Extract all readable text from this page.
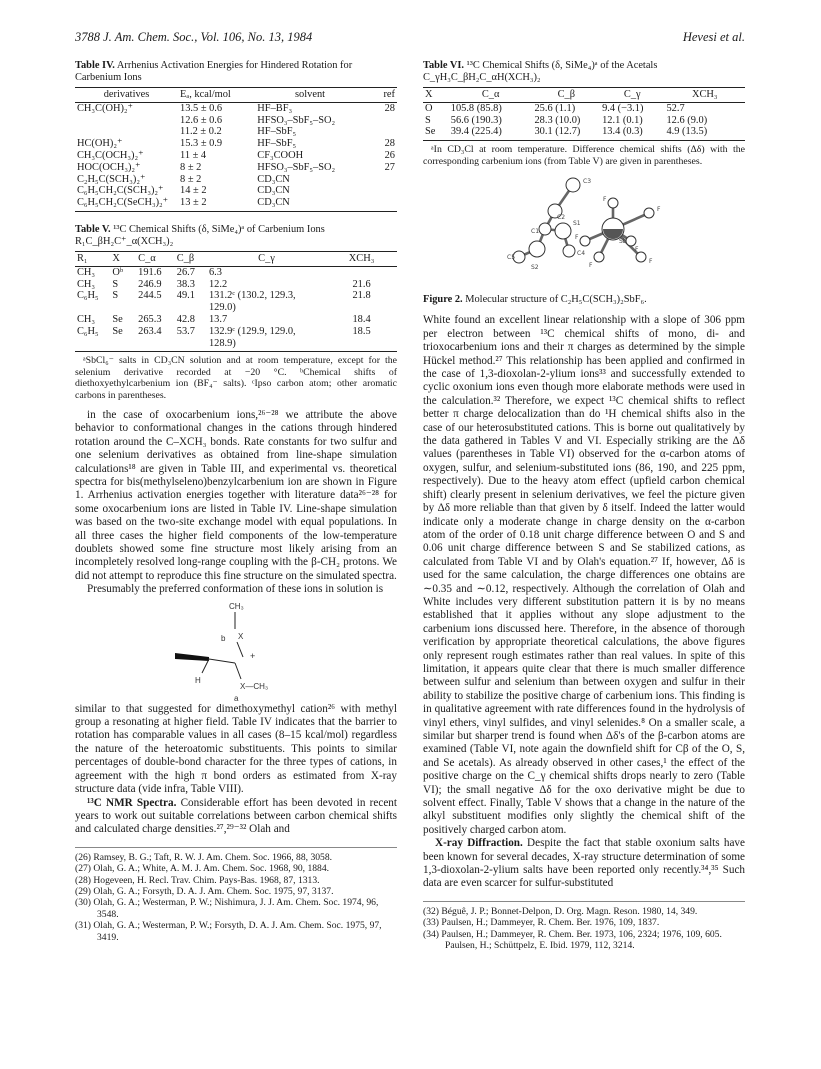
3788 J. Am. Chem. Soc., Vol. 106, No. 13, 1984	Hevesi et al.
Table IV. Arrhenius Activation Energies for Hindered Rotation for Carbenium Ions
derivatives	Eₐ, kcal/mol	solvent	ref
CH₃C(OH)₂⁺	13.5 ± 0.6	HF–BF₃	28
	12.6 ± 0.6	HFSO₃–SbF₅–SO₂	
	11.2 ± 0.2	HF–SbF₅	
HC(OH)₂⁺	15.3 ± 0.9	HF–SbF₅	28
CH₃C(OCH₃)₂⁺	11 ± 4	CF₃COOH	26
HOC(OCH₃)₂⁺	8 ± 2	HFSO₃–SbF₅–SO₂	27
C₂H₅C(SCH₃)₂⁺	8 ± 2	CD₃CN	
C₆H₅CH₂C(SCH₃)₂⁺	14 ± 2	CD₃CN	
C₆H₅CH₂C(SeCH₃)₂⁺	13 ± 2	CD₃CN	
Table V. ¹³C Chemical Shifts (δ, SiMe₄)ᵃ of Carbenium Ions R₁C_βH₂C⁺_α(XCH₃)₂
R₁	X	C_α	C_β	C_γ	XCH₃
CH₃	Oᵇ	191.6	26.7	6.3	
CH₃	S	246.9	38.3	12.2	21.6
C₆H₅	S	244.5	49.1	131.2ᶜ (130.2, 129.3, 129.0)	21.8
CH₃	Se	265.3	42.8	13.7	18.4
C₆H₅	Se	263.4	53.7	132.9ᶜ (129.9, 129.0, 128.9)	18.5
ᵃSbCl₆⁻ salts in CD₃CN solution and at room temperature, except for the selenium derivative recorded at −20 °C. ᵇChemical shifts of diethoxyethylcarbenium ion (BF₄⁻ salts). ᶜIpso carbon atom; other aromatic carbons in parentheses.

in the case of oxocarbenium ions,²⁶⁻²⁸ we attribute the above behavior to conformational changes in the cations through hindered rotation around the C–XCH₃ bonds. Rate constants for two sulfur and one selenium derivatives as obtained from line-shape simulation calculations¹⁸ are given in Table III, and experimental vs. theoretical spectra for bis(methylseleno)benzylcarbenium ion are shown in Figure 1. Arrhenius activation energies together with literature data²⁶⁻²⁸ for some oxocarbenium ions are listed in Table IV. Line-shape simulation was based on the two-site exchange model with equal populations. In all three cases the higher field components of the low-temperature doublets showed some fine structure most likely arising from an incompletely resolved long-range coupling with the β-CH₂ protons. We did not attempt to reproduce this fine structure on the simulated spectra.

Presumably the preferred conformation of these ions in solution is

CH₃
b X
+
H
X—CH₃
a

similar to that suggested for dimethoxymethyl cation²⁶ with methyl group a resonating at higher field. Table IV indicates that the barrier to rotation has comparable values in all cases (8–15 kcal/mol) regardless the nature of the heteroatomic substituents. This points to similar percentages of double-bond character for the three types of cations, in agreement with the high π bond orders as estimated from X-ray structure data (vide infra, Table VIII).

¹³C NMR Spectra. Considerable effort has been devoted in recent years to work out suitable correlations between carbon chemical shifts and calculated charge densities.²⁷,²⁹⁻³² Olah and

(26) Ramsey, B. G.; Taft, R. W. J. Am. Chem. Soc. 1966, 88, 3058.
(27) Olah, G. A.; White, A. M. J. Am. Chem. Soc. 1968, 90, 1884.
(28) Hogeveen, H. Recl. Trav. Chim. Pays-Bas. 1968, 87, 1313.
(29) Olah, G. A.; Forsyth, D. A. J. Am. Chem. Soc. 1975, 97, 3137.
(30) Olah, G. A.; Westerman, P. W.; Nishimura, J. J. Am. Chem. Soc. 1974, 96, 3548.
(31) Olah, G. A.; Westerman, P. W.; Forsyth, D. A. J. Am. Chem. Soc. 1975, 97, 3419.
Table VI. ¹³C Chemical Shifts (δ, SiMe₄)ᵃ of the Acetals C_γH₃C_βH₂C_αH(XCH₃)₂
X	C_α	C_β	C_γ	XCH₃
O	105.8 (85.8)	25.6 (1.1)	9.4 (−3.1)	52.7
S	56.6 (190.3)	28.3 (10.0)	12.1 (0.1)	12.6 (9.0)
Se	39.4 (225.4)	30.1 (12.7)	13.4 (0.3)	4.9 (13.5)
ᵃIn CD₃Cl at room temperature. Difference chemical shifts (Δδ) with the corresponding carbenium ions (from Table V) are given in parentheses.
C3
C2
C1
S1
C5
S2
C4
Sb
F
F
F
F
F
F
Figure 2. Molecular structure of C₂H₅C(SCH₃)₂SbF₆.

White found an excellent linear relationship with a slope of 306 ppm per electron between ¹³C chemical shifts of mono, di- and trioxocarbenium ions and their π charges as determined by the simple Hückel method.²⁷ This relationship has been applied and confirmed in the case of 1,3-dioxolan-2-ylium ions³³ and successfully extended to cyclic oxonium ions even though more elaborate methods were used in the calculation.³² Therefore, we expect ¹³C chemical shifts to reflect better π charge delocalization than do ¹H chemical shifts also in the case of our heterosubstituted cations. This is borne out qualitatively by the data gathered in Tables V and VI. Especially striking are the Δδ values (parentheses in Table VI) observed for the α-carbon atoms of oxygen, sulfur, and selenium-substituted ions (86, 190, and 225 ppm, respectively). Due to the heavy atom effect (upfield carbon chemical shift) clearly present in selenium derivatives, we feel the picture given by Δδ more reliable than that given by δ itself. Indeed the latter would indicate only a moderate change in charge density on the α-carbon atom of the order of 0.18 unit charge difference between O and S and 0.06 unit charge difference between S and Se stabilized cations, as calculated from Table VI and by Olah's equation.²⁷ If, however, Δδ is used for the same calculation, the charge differences one obtains are ∼0.35 and ∼0.12, respectively. Although the correlation of Olah and White includes very different substitution pattern it is by no means established that it applies without any slope adjustment to the carbenium ions discussed here. Therefore, in the absence of thorough verification by appropriate theoretical calculations, the above figures only represent rough estimates rather than real values. In spite of this limitation, it appears quite clear that there is much smaller difference between sulfur and selenium than between oxygen and sulfur in their ability to stabilize the positive charge of carbenium ions. This finding is in qualitative agreement with rate differences found in the hydrolysis of vinyl ethers, vinyl sulfides, and vinyl selenides.⁸ On a smaller scale, a similar but sharper trend is found when Δδ's of the β-carbon atoms are examined (Table VI, note again the downfield shift for Cβ of the O, S, and Se acetals). As already observed in other cases,¹ the effect of the positive charge on the C_γ chemical shifts drops nearly to zero (Table VI); the small negative Δδ for the oxo derivative might be due to solvent effect. Finally, Table V shows that a change in the nature of the alkyl substituent modifies only slightly the chemical shift of the positively charged carbon atom.

X-ray Diffraction. Despite the fact that stable oxonium salts have been known for several decades, X-ray structure determination of some 1,3-dioxolan-2-ylium salts have been reported only recently.³⁴,³⁵ Such data are even scarcer for sulfur-substituted

(32) Béguê, J. P.; Bonnet-Delpon, D. Org. Magn. Reson. 1980, 14, 349.
(33) Paulsen, H.; Dammeyer, R. Chem. Ber. 1976, 109, 1837.
(34) Paulsen, H.; Dammeyer, R. Chem. Ber. 1973, 106, 2324; 1976, 109, 605. Paulsen, H.; Schüttpelz, E. Ibid. 1979, 112, 3214.
